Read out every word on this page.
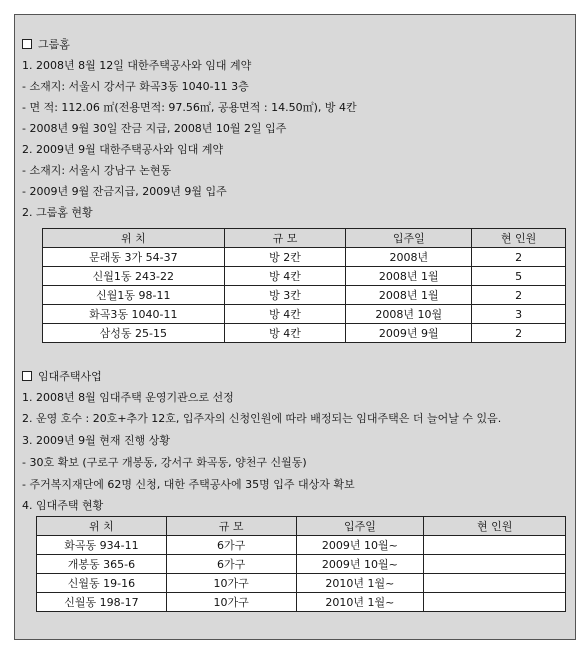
그룹홈
1. 2008년 8월 12일 대한주택공사와 임대 계약
- 소재지: 서울시 강서구 화곡3동 1040-11 3층
- 면 적: 112.06 ㎡(전용면적: 97.56㎡, 공용면적 : 14.50㎡), 방 4칸
- 2008년 9월 30일 잔금 지급, 2008년 10월 2일 입주
2. 2009년 9월 대한주택공사와 임대 계약
- 소재지: 서울시 강남구 논현동
- 2009년 9월 잔금지급, 2009년 9월 입주
2. 그룹홈 현황
위 치	규 모	입주일	현 인원
문래동 3가 54-37	방 2칸	2008년	2
신월1동 243-22	방 4칸	2008년 1월	5
신월1동 98-11	방 3칸	2008년 1월	2
화곡3동 1040-11	방 4칸	2008년 10월	3
삼성동 25-15	방 4칸	2009년 9월	2
임대주택사업
1. 2008년 8월 임대주택 운영기관으로 선정
2. 운영 호수 : 20호+추가 12호, 입주자의 신청인원에 따라 배정되는 임대주택은 더 늘어날 수 있음.
3. 2009년 9월 현재 진행 상황
- 30호 확보 (구로구 개봉동, 강서구 화곡동, 양천구 신월동)
- 주거복지재단에 62명 신청, 대한 주택공사에 35명 입주 대상자 확보
4. 임대주택 현황
위 치	규 모	입주일	현 인원
화곡동 934-11	6가구	2009년 10월~	
개봉동 365-6	6가구	2009년 10월~	
신월동 19-16	10가구	2010년 1월~	
신월동 198-17	10가구	2010년 1월~	
